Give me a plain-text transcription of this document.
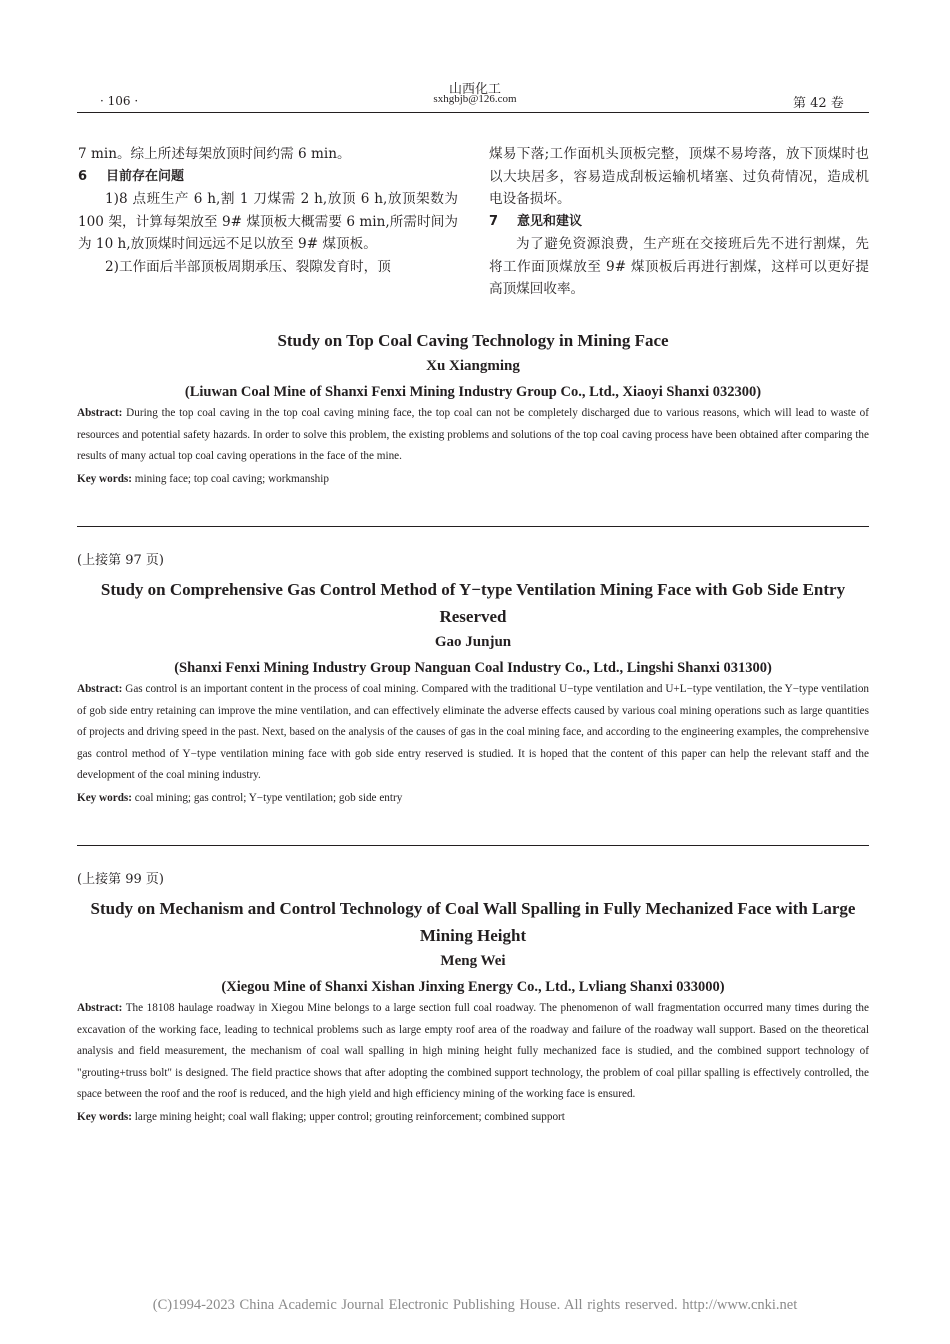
山西化工
sxhgbjb@126.com
· 106 ·	第 42 卷

7 min。综上所述每架放顶时间约需 6 min。

6 目前存在问题

1)8 点班生产 6 h,割 1 刀煤需 2 h,放顶 6 h,放顶架数为 100 架，计算每架放至 9# 煤顶板大概需要 6 min,所需时间为为 10 h,放顶煤时间远远不足以放至 9# 煤顶板。

2)工作面后半部顶板周期承压、裂隙发育时，顶

煤易下落;工作面机头顶板完整，顶煤不易垮落，放下顶煤时也以大块居多，容易造成刮板运输机堵塞、过负荷情况，造成机电设备损坏。

7 意见和建议

为了避免资源浪费，生产班在交接班后先不进行割煤，先将工作面顶煤放至 9# 煤顶板后再进行割煤，这样可以更好提高顶煤回收率。

Study on Top Coal Caving Technology in Mining Face
Xu Xiangming
(Liuwan Coal Mine of Shanxi Fenxi Mining Industry Group Co., Ltd., Xiaoyi Shanxi 032300)
Abstract: During the top coal caving in the top coal caving mining face, the top coal can not be completely discharged due to various reasons, which will lead to waste of resources and potential safety hazards. In order to solve this problem, the existing problems and solutions of the top coal caving process have been obtained after comparing the results of many actual top coal caving operations in the face of the mine.
Key words: mining face; top coal caving; workmanship
(上接第 97 页)
Study on Comprehensive Gas Control Method of Y−type Ventilation Mining Face with Gob Side Entry Reserved
Gao Junjun
(Shanxi Fenxi Mining Industry Group Nanguan Coal Industry Co., Ltd., Lingshi Shanxi 031300)
Abstract: Gas control is an important content in the process of coal mining. Compared with the traditional U−type ventilation and U+L−type ventilation, the Y−type ventilation of gob side entry retaining can improve the mine ventilation, and can effectively eliminate the adverse effects caused by various coal mining operations such as large quantities of projects and driving speed in the past. Next, based on the analysis of the causes of gas in the coal mining face, and according to the engineering examples, the comprehensive gas control method of Y−type ventilation mining face with gob side entry reserved is studied. It is hoped that the content of this paper can help the relevant staff and the development of the coal mining industry.
Key words: coal mining; gas control; Y−type ventilation; gob side entry
(上接第 99 页)
Study on Mechanism and Control Technology of Coal Wall Spalling in Fully Mechanized Face with Large Mining Height
Meng Wei
(Xiegou Mine of Shanxi Xishan Jinxing Energy Co., Ltd., Lvliang Shanxi 033000)
Abstract: The 18108 haulage roadway in Xiegou Mine belongs to a large section full coal roadway. The phenomenon of wall fragmentation occurred many times during the excavation of the working face, leading to technical problems such as large empty roof area of the roadway and failure of the roadway wall support. Based on the theoretical analysis and field measurement, the mechanism of coal wall spalling in high mining height fully mechanized face is studied, and the combined support technology of "grouting+truss bolt" is designed. The field practice shows that after adopting the combined support technology, the problem of coal pillar spalling is effectively controlled, the space between the roof and the roof is reduced, and the high yield and high efficiency mining of the working face is ensured.
Key words: large mining height; coal wall flaking; upper control; grouting reinforcement; combined support
(C)1994-2023 China Academic Journal Electronic Publishing House. All rights reserved. http://www.cnki.net
